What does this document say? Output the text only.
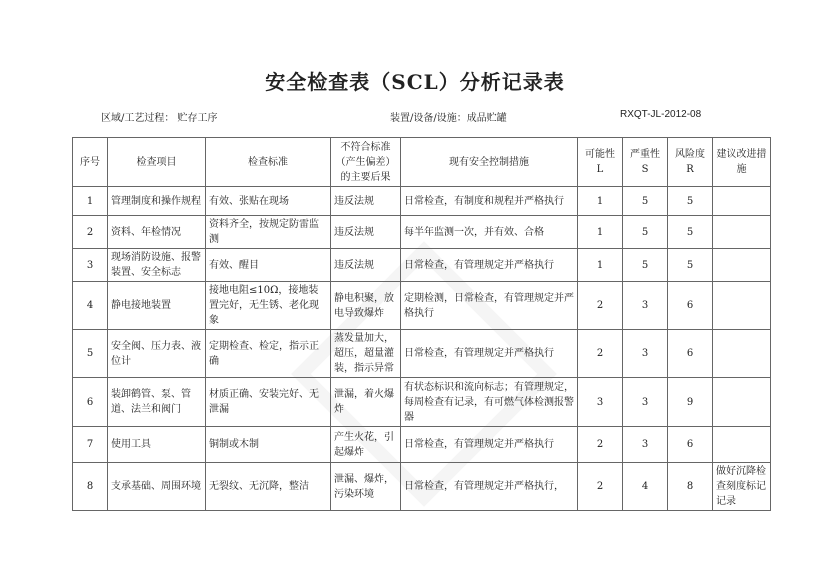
安全检查表（SCL）分析记录表
区域/工艺过程： 贮存工序	装置/设备/设施：成品贮罐	RXQT-JL-2012-08
序号	检查项目	检查标准	不符合标准（产生偏差）的主要后果	现有安全控制措施	可能性 L	严重性 S	风险度 R	建议改进措施
1	管理制度和操作规程	有效、张贴在现场	违反法规	日常检查，有制度和规程并严格执行	1	5	5	
2	资料、年检情况	资料齐全，按规定防雷监测	违反法规	每半年监测一次，并有效、合格	1	5	5	
3	现场消防设施、报警装置、安全标志	有效、醒目	违反法规	日常检查，有管理规定并严格执行	1	5	5	
4	静电接地装置	接地电阻≤10Ω，接地装置完好，无生锈、老化现象	静电积聚，放电导致爆炸	定期检测，日常检查，有管理规定并严格执行	2	3	6	
5	安全阀、压力表、液位计	定期检查、检定，指示正确	蒸发量加大，超压，超量灌装，指示异常	日常检查，有管理规定并严格执行	2	3	6	
6	装卸鹤管、泵、管道、法兰和阀门	材质正确、安装完好、无泄漏	泄漏，着火爆炸	有状态标识和流向标志；有管理规定，每周检查有记录，有可燃气体检测报警器	3	3	9	
7	使用工具	铜制或木制	产生火花，引起爆炸	日常检查，有管理规定并严格执行	2	3	6	
8	支承基础、周围环境	无裂纹、无沉降，整洁	泄漏、爆炸，污染环境	日常检查，有管理规定并严格执行，	2	4	8	做好沉降检查刻度标记记录
